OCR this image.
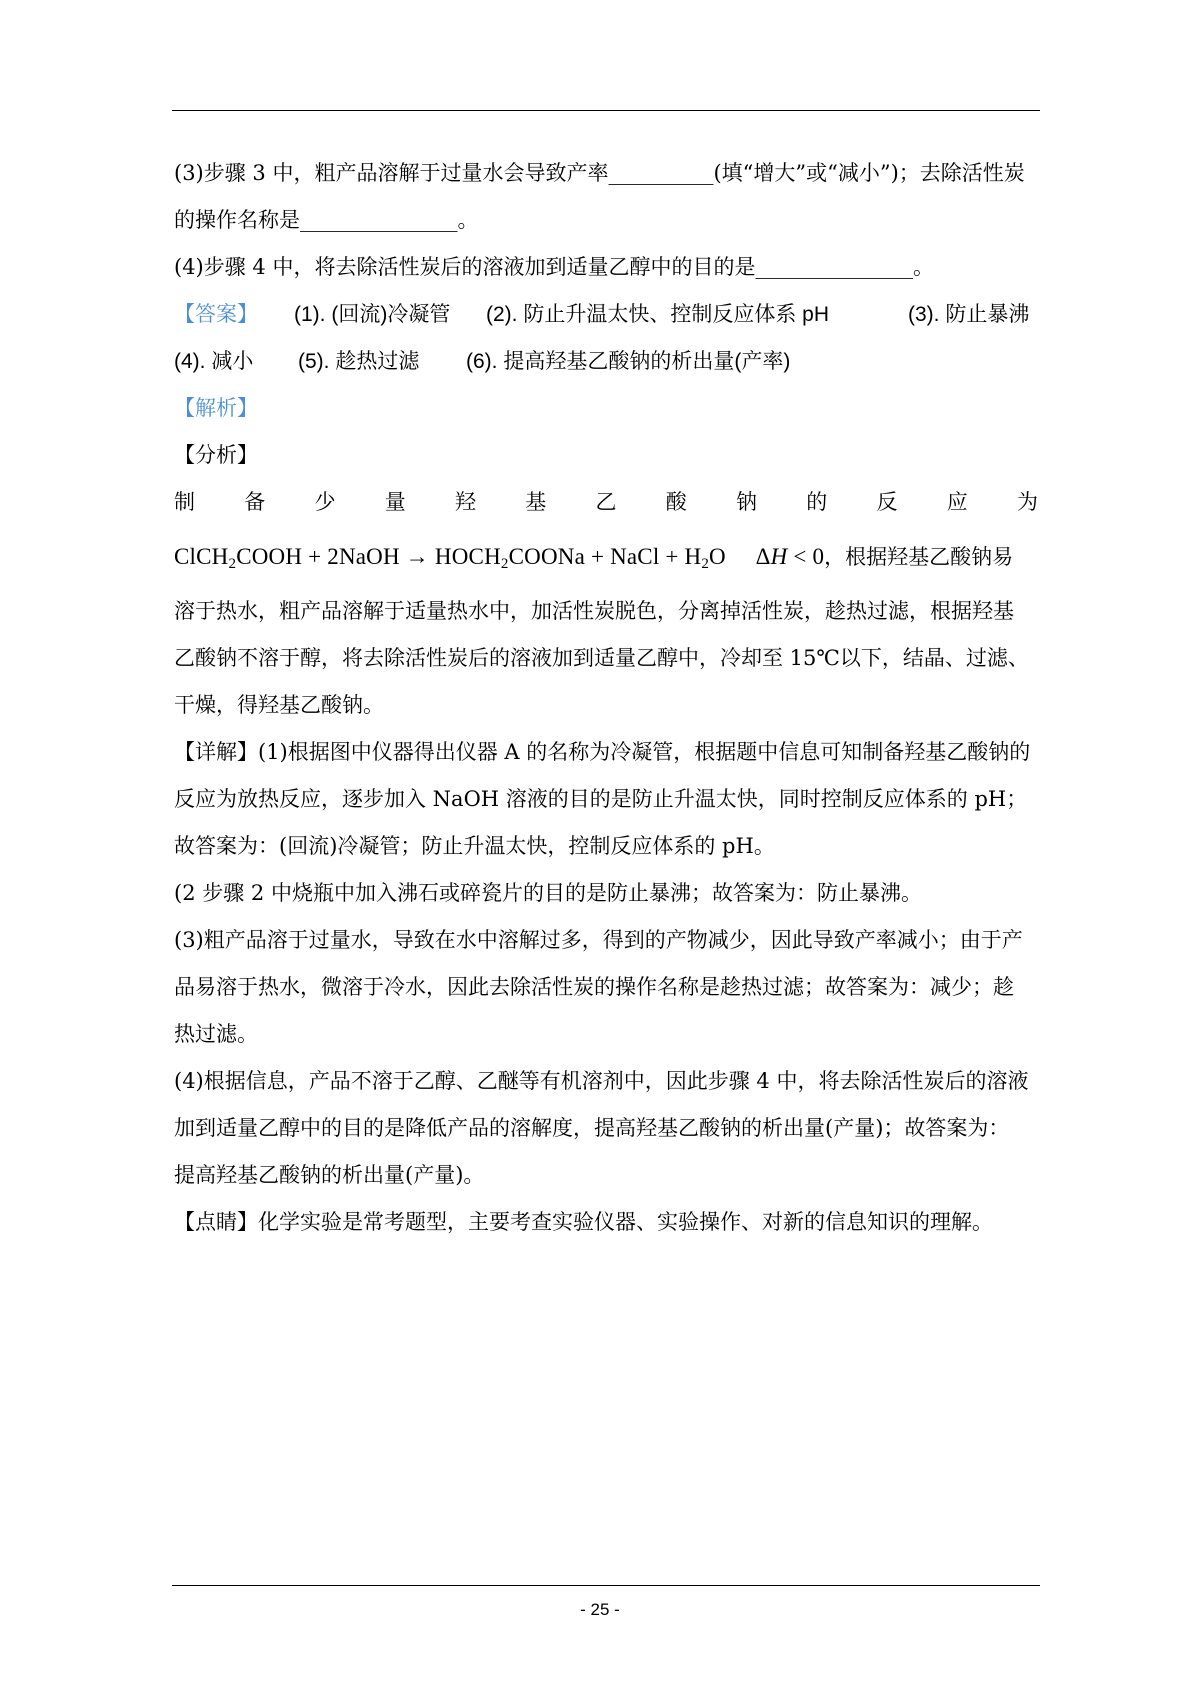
(3)步骤 3 中，粗产品溶解于过量水会导致产率__________(填“增大”或“减小”)；去除活性炭
的操作名称是_______________。
(4)步骤 4 中，将去除活性炭后的溶液加到适量乙醇中的目的是_______________。
【答案】	(1). (回流)冷凝管	(2). 防止升温太快、控制反应体系 pH	(3). 防止暴沸
(4). 减小	(5). 趁热过滤	(6). 提高羟基乙酸钠的析出量(产率)
【解析】
【分析】
制 备 少 量 羟 基 乙 酸 钠 的 反 应 为
ClCH$_2$COOH + 2NaOH → $HOCH_2COONa$ + NaCl + $H_2O$ ΔH < 0 ，根据羟基乙酸钠易
溶于热水，粗产品溶解于适量热水中，加活性炭脱色，分离掉活性炭，趁热过滤，根据羟基
乙酸钠不溶于醇，将去除活性炭后的溶液加到适量乙醇中，冷却至 15℃以下，结晶、过滤、
干燥，得羟基乙酸钠。
【详解】(1)根据图中仪器得出仪器 A 的名称为冷凝管，根据题中信息可知制备羟基乙酸钠的
反应为放热反应，逐步加入 NaOH 溶液的目的是防止升温太快，同时控制反应体系的 pH；
故答案为：(回流)冷凝管；防止升温太快，控制反应体系的 pH。
(2 步骤 2 中烧瓶中加入沸石或碎瓷片的目的是防止暴沸；故答案为：防止暴沸。
(3)粗产品溶于过量水，导致在水中溶解过多，得到的产物减少，因此导致产率减小；由于产
品易溶于热水，微溶于冷水，因此去除活性炭的操作名称是趁热过滤；故答案为：减少；趁
热过滤。
(4)根据信息，产品不溶于乙醇、乙醚等有机溶剂中，因此步骤 4 中，将去除活性炭后的溶液
加到适量乙醇中的目的是降低产品的溶解度，提高羟基乙酸钠的析出量(产量)；故答案为：
提高羟基乙酸钠的析出量(产量)。
【点睛】化学实验是常考题型，主要考查实验仪器、实验操作、对新的信息知识的理解。
- 25 -
